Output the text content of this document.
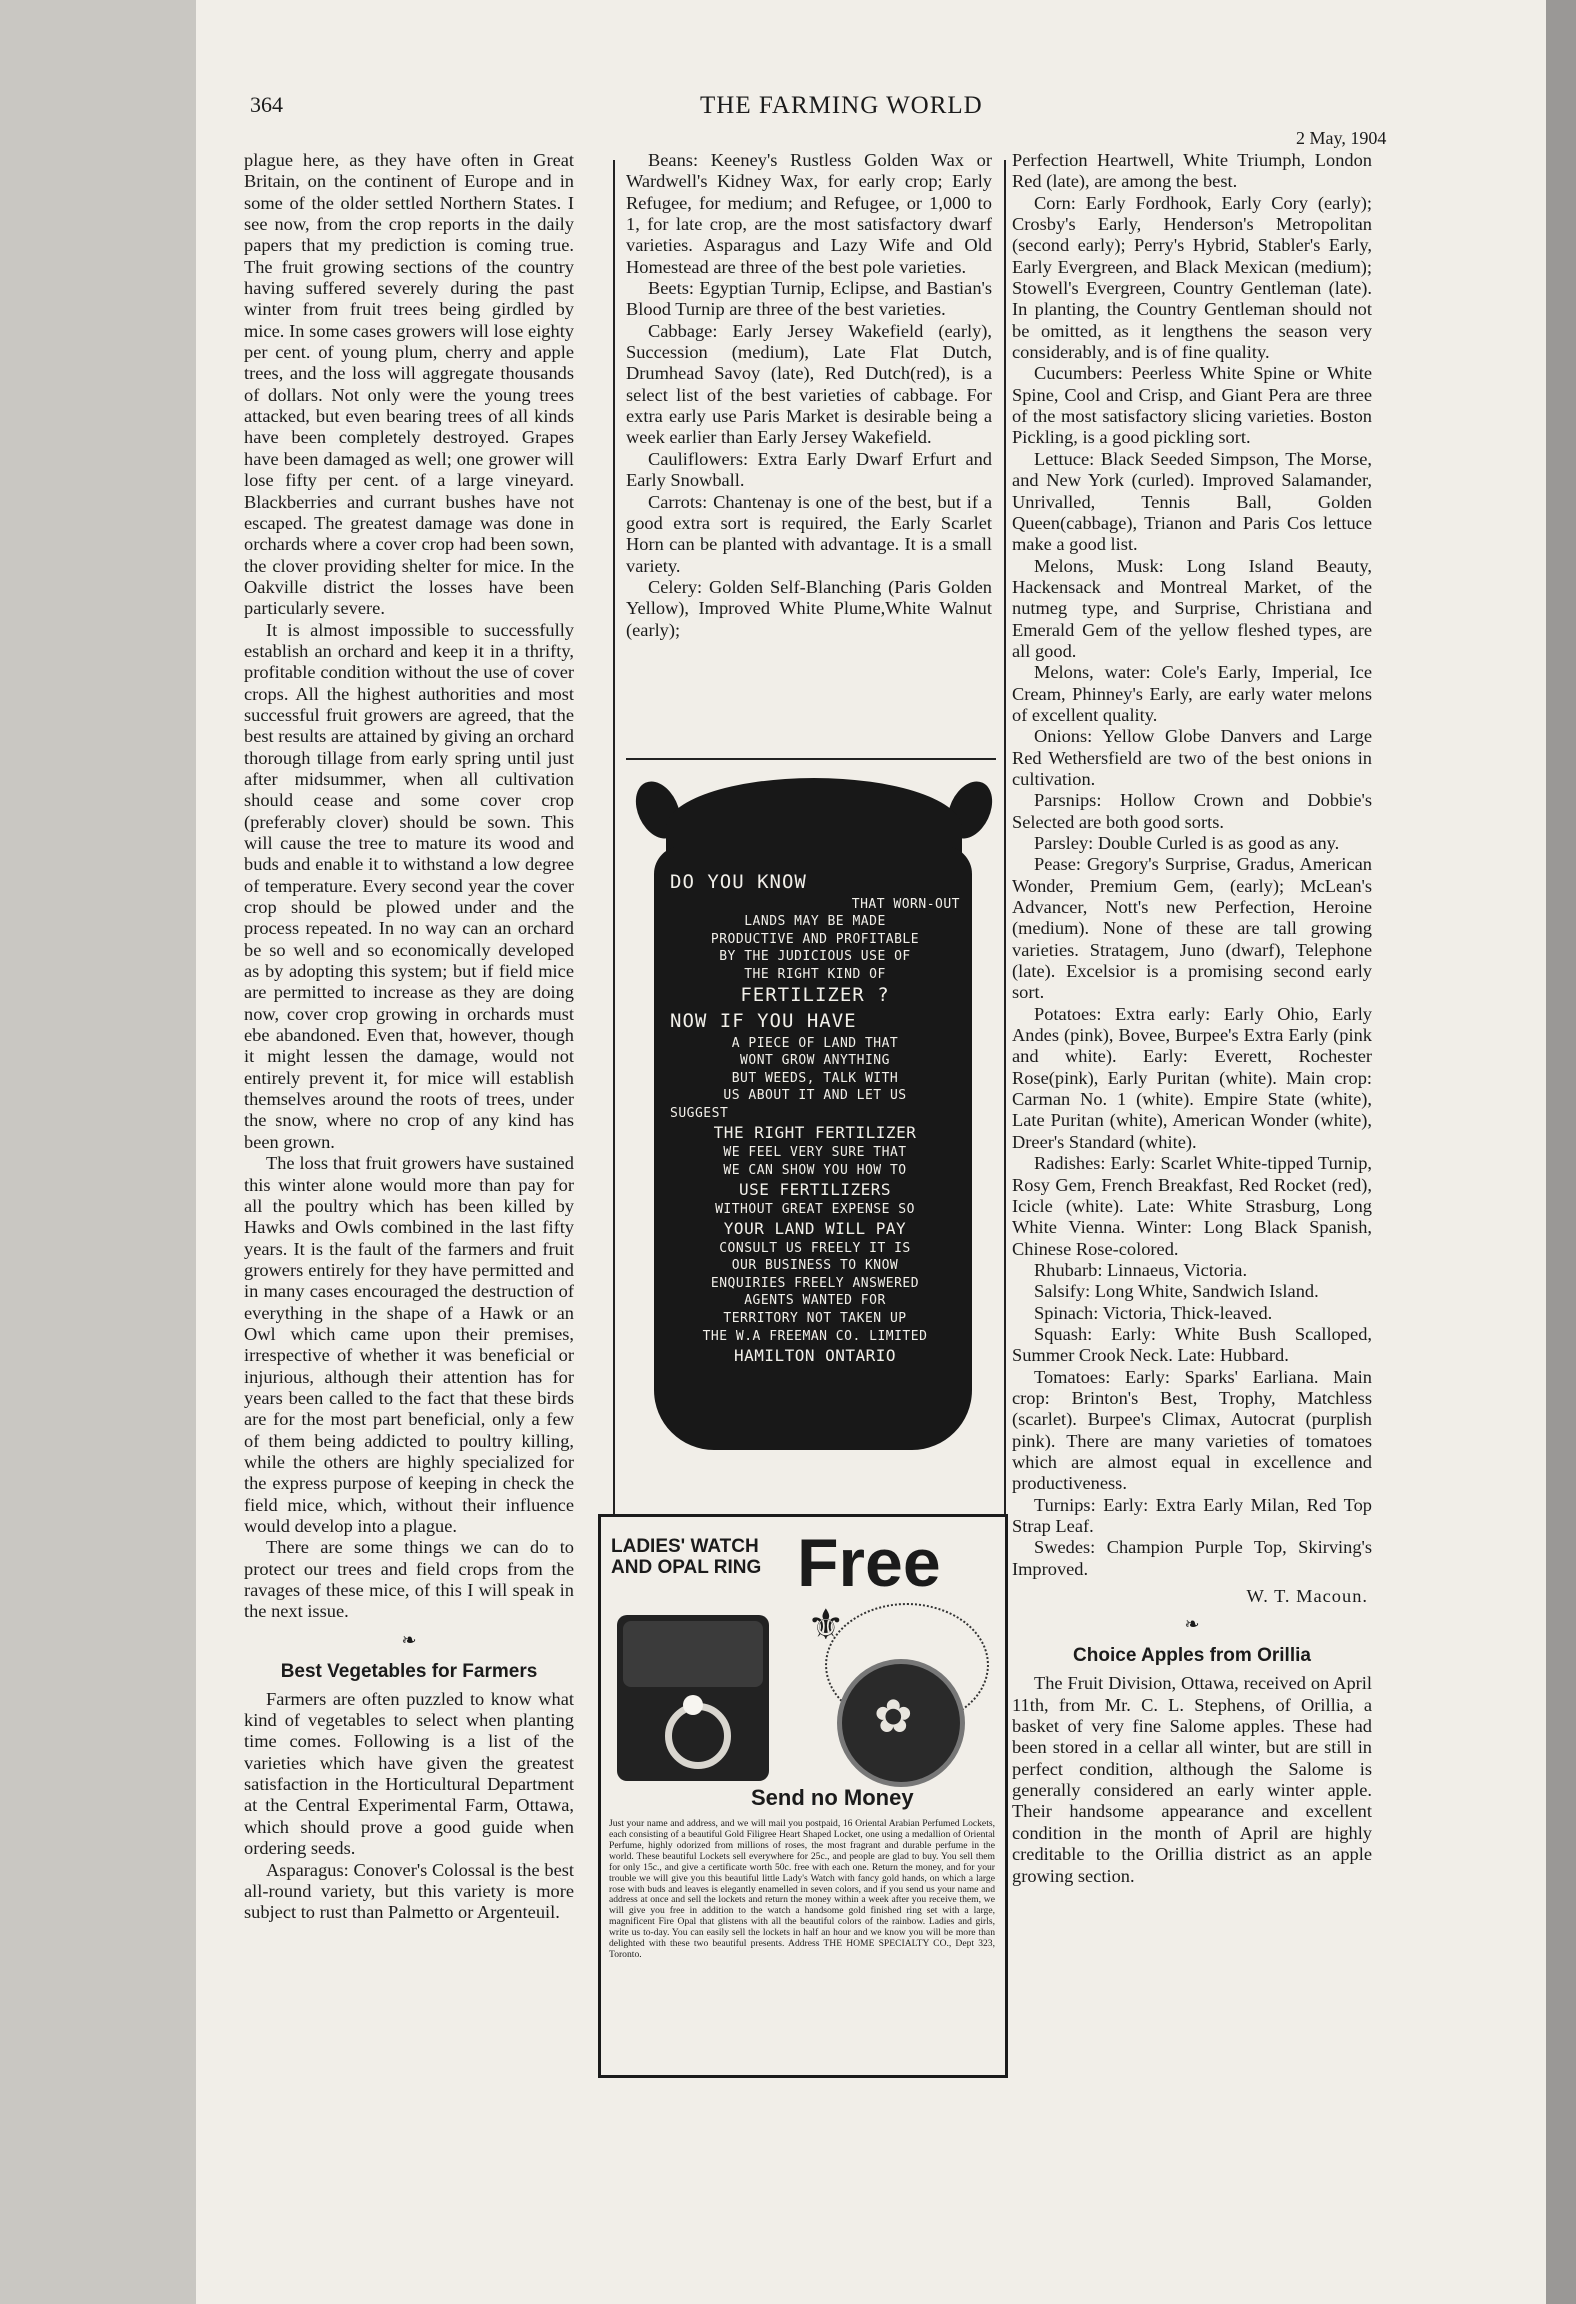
364	THE FARMING WORLD
2 May, 1904

plague here, as they have often in Great Britain, on the continent of Europe and in some of the older settled Northern States. I see now, from the crop reports in the daily papers that my prediction is coming true. The fruit growing sections of the country having suffered severely during the past winter from fruit trees being girdled by mice. In some cases growers will lose eighty per cent. of young plum, cherry and apple trees, and the loss will aggregate thousands of dollars. Not only were the young trees attacked, but even bearing trees of all kinds have been completely destroyed. Grapes have been damaged as well; one grower will lose fifty per cent. of a large vineyard. Blackberries and currant bushes have not escaped. The greatest damage was done in orchards where a cover crop had been sown, the clover providing shelter for mice. In the Oakville district the losses have been particularly severe.

It is almost impossible to successfully establish an orchard and keep it in a thrifty, profitable condition without the use of cover crops. All the highest authorities and most successful fruit growers are agreed, that the best results are attained by giving an orchard thorough tillage from early spring until just after midsummer, when all cultivation should cease and some cover crop (preferably clover) should be sown. This will cause the tree to mature its wood and buds and enable it to withstand a low degree of temperature. Every second year the cover crop should be plowed under and the process repeated. In no way can an orchard be so well and so economically developed as by adopting this system; but if field mice are permitted to increase as they are doing now, cover crop growing in orchards must ebe abandoned. Even that, however, though it might lessen the damage, would not entirely prevent it, for mice will establish themselves around the roots of trees, under the snow, where no crop of any kind has been grown.

The loss that fruit growers have sustained this winter alone would more than pay for all the poultry which has been killed by Hawks and Owls combined in the last fifty years. It is the fault of the farmers and fruit growers entirely for they have permitted and in many cases encouraged the destruction of everything in the shape of a Hawk or an Owl which came upon their premises, irrespective of whether it was beneficial or injurious, although their attention has for years been called to the fact that these birds are for the most part beneficial, only a few of them being addicted to poultry killing, while the others are highly specialized for the express purpose of keeping in check the field mice, which, without their influence would develop into a plague.

There are some things we can do to protect our trees and field crops from the ravages of these mice, of this I will speak in the next issue.

❧
Best Vegetables for Farmers

Farmers are often puzzled to know what kind of vegetables to select when planting time comes. Following is a list of the varieties which have given the greatest satisfaction in the Horticultural Department at the Central Experimental Farm, Ottawa, which should prove a good guide when ordering seeds.

Asparagus: Conover's Colossal is the best all-round variety, but this variety is more subject to rust than Palmetto or Argenteuil.

Beans: Keeney's Rustless Golden Wax or Wardwell's Kidney Wax, for early crop; Early Refugee, for medium; and Refugee, or 1,000 to 1, for late crop, are the most satisfactory dwarf varieties. Asparagus and Lazy Wife and Old Homestead are three of the best pole varieties.

Beets: Egyptian Turnip, Eclipse, and Bastian's Blood Turnip are three of the best varieties.

Cabbage: Early Jersey Wakefield (early), Succession (medium), Late Flat Dutch, Drumhead Savoy (late), Red Dutch(red), is a select list of the best varieties of cabbage. For extra early use Paris Market is desirable being a week earlier than Early Jersey Wakefield.

Cauliflowers: Extra Early Dwarf Erfurt and Early Snowball.

Carrots: Chantenay is one of the best, but if a good extra sort is required, the Early Scarlet Horn can be planted with advantage. It is a small variety.

Celery: Golden Self-Blanching (Paris Golden Yellow), Improved White Plume,White Walnut (early);

DO YOU KNOW
THAT WORN-OUT
LANDS MAY BE MADE
PRODUCTIVE AND PROFITABLE
BY THE JUDICIOUS USE OF
THE RIGHT KIND OF
FERTILIZER ?
NOW IF YOU HAVE
A PIECE OF LAND THAT
WONT GROW ANYTHING
BUT WEEDS, TALK WITH
US ABOUT IT AND LET US
SUGGEST
THE RIGHT FERTILIZER
WE FEEL VERY SURE THAT
WE CAN SHOW YOU HOW TO
USE FERTILIZERS
WITHOUT GREAT EXPENSE SO
YOUR LAND WILL PAY
CONSULT US FREELY IT IS
OUR BUSINESS TO KNOW
ENQUIRIES FREELY ANSWERED
AGENTS WANTED FOR
TERRITORY NOT TAKEN UP
THE W.A FREEMAN CO. LIMITED
HAMILTON ONTARIO
LADIES' WATCH
AND OPAL RING Free
⚜
✿
Send no Money
Just your name and address, and we will mail you postpaid, 16 Oriental Arabian Perfumed Lockets, each consisting of a beautiful Gold Filigree Heart Shaped Locket, one using a medallion of Oriental Perfume, highly odorized from millions of roses, the most fragrant and durable perfume in the world. These beautiful Lockets sell everywhere for 25c., and people are glad to buy. You sell them for only 15c., and give a certificate worth 50c. free with each one. Return the money, and for your trouble we will give you this beautiful little Lady's Watch with fancy gold hands, on which a large rose with buds and leaves is elegantly enamelled in seven colors, and if you send us your name and address at once and sell the lockets and return the money within a week after you receive them, we will give you free in addition to the watch a handsome gold finished ring set with a large, magnificent Fire Opal that glistens with all the beautiful colors of the rainbow. Ladies and girls, write us to-day. You can easily sell the lockets in half an hour and we know you will be more than delighted with these two beautiful presents. Address THE HOME SPECIALTY CO., Dept 323, Toronto.

Perfection Heartwell, White Triumph, London Red (late), are among the best.

Corn: Early Fordhook, Early Cory (early); Crosby's Early, Henderson's Metropolitan (second early); Perry's Hybrid, Stabler's Early, Early Evergreen, and Black Mexican (medium); Stowell's Evergreen, Country Gentleman (late). In planting, the Country Gentleman should not be omitted, as it lengthens the season very considerably, and is of fine quality.

Cucumbers: Peerless White Spine or White Spine, Cool and Crisp, and Giant Pera are three of the most satisfactory slicing varieties. Boston Pickling, is a good pickling sort.

Lettuce: Black Seeded Simpson, The Morse, and New York (curled). Improved Salamander, Unrivalled, Tennis Ball, Golden Queen(cabbage), Trianon and Paris Cos lettuce make a good list.

Melons, Musk: Long Island Beauty, Hackensack and Montreal Market, of the nutmeg type, and Surprise, Christiana and Emerald Gem of the yellow fleshed types, are all good.

Melons, water: Cole's Early, Imperial, Ice Cream, Phinney's Early, are early water melons of excellent quality.

Onions: Yellow Globe Danvers and Large Red Wethersfield are two of the best onions in cultivation.

Parsnips: Hollow Crown and Dobbie's Selected are both good sorts.

Parsley: Double Curled is as good as any.

Pease: Gregory's Surprise, Gradus, American Wonder, Premium Gem, (early); McLean's Advancer, Nott's new Perfection, Heroine (medium). None of these are tall growing varieties. Stratagem, Juno (dwarf), Telephone (late). Excelsior is a promising second early sort.

Potatoes: Extra early: Early Ohio, Early Andes (pink), Bovee, Burpee's Extra Early (pink and white). Early: Everett, Rochester Rose(pink), Early Puritan (white). Main crop: Carman No. 1 (white). Empire State (white), Late Puritan (white), American Wonder (white), Dreer's Standard (white).

Radishes: Early: Scarlet White-tipped Turnip, Rosy Gem, French Breakfast, Red Rocket (red), Icicle (white). Late: White Strasburg, Long White Vienna. Winter: Long Black Spanish, Chinese Rose-colored.

Rhubarb: Linnaeus, Victoria.

Salsify: Long White, Sandwich Island.

Spinach: Victoria, Thick-leaved.

Squash: Early: White Bush Scalloped, Summer Crook Neck. Late: Hubbard.

Tomatoes: Early: Sparks' Earliana. Main crop: Brinton's Best, Trophy, Matchless (scarlet). Burpee's Climax, Autocrat (purplish pink). There are many varieties of tomatoes which are almost equal in excellence and productiveness.

Turnips: Early: Extra Early Milan, Red Top Strap Leaf.

Swedes: Champion Purple Top, Skirving's Improved.

W. T. Macoun.
❧
Choice Apples from Orillia

The Fruit Division, Ottawa, received on April 11th, from Mr. C. L. Stephens, of Orillia, a basket of very fine Salome apples. These had been stored in a cellar all winter, but are still in perfect condition, although the Salome is generally considered an early winter apple. Their handsome appearance and excellent condition in the month of April are highly creditable to the Orillia district as an apple growing section.
